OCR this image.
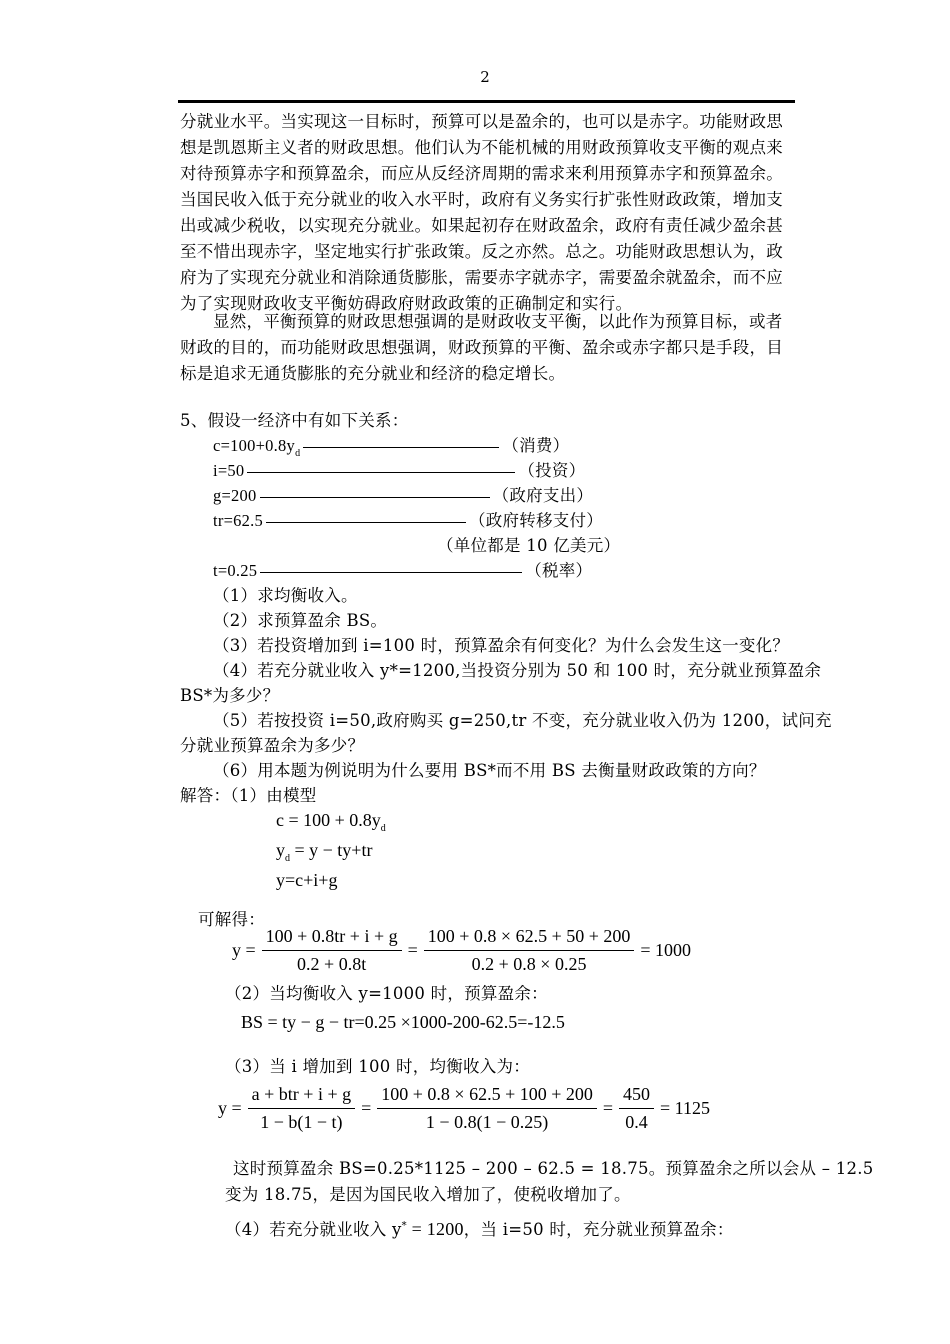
2
分就业水平。当实现这一目标时，预算可以是盈余的，也可以是赤字。功能财政思
想是凯恩斯主义者的财政思想。他们认为不能机械的用财政预算收支平衡的观点来
对待预算赤字和预算盈余，而应从反经济周期的需求来利用预算赤字和预算盈余。
当国民收入低于充分就业的收入水平时，政府有义务实行扩张性财政政策，增加支
出或减少税收，以实现充分就业。如果起初存在财政盈余，政府有责任减少盈余甚
至不惜出现赤字，坚定地实行扩张政策。反之亦然。总之。功能财政思想认为，政
府为了实现充分就业和消除通货膨胀，需要赤字就赤字，需要盈余就盈余，而不应
为了实现财政收支平衡妨碍政府财政政策的正确制定和实行。
显然，平衡预算的财政思想强调的是财政收支平衡，以此作为预算目标，或者
财政的目的，而功能财政思想强调，财政预算的平衡、盈余或赤字都只是手段，目
标是追求无通货膨胀的充分就业和经济的稳定增长。
5、假设一经济中有如下关系：
$c=100+0.8y_d$	（消费）
i=50	（投资）
g=200	（政府支出）
tr=62.5	（政府转移支付）
（单位都是 10 亿美元）
t=0.25	（税率）
（1）求均衡收入。
（2）求预算盈余 BS。
（3）若投资增加到 i=100 时，预算盈余有何变化？为什么会发生这一变化？
（4）若充分就业收入 y*=1200,当投资分别为 50 和 100 时，充分就业预算盈余
BS*为多少？
（5）若按投资 i=50,政府购买 g=250,tr 不变，充分就业收入仍为 1200，试问充
分就业预算盈余为多少？
（6）用本题为例说明为什么要用 BS*而不用 BS 去衡量财政政策的方向？
解答：（1）由模型
$c = 100 + 0.8y_d$
$y_d = y - ty+tr$
y=c+i+g
可解得：
$y = \frac{100 + 0.8tr + i + g}{0.2 + 0.8t} = \frac{100 + 0.8 \times 62.5 + 50 + 200}{0.2 + 0.8 \times 0.25} = 1000$
（2）当均衡收入 y=1000 时，预算盈余：
BS = ty − g − tr=0.25 ×1000-200-62.5=-12.5
（3）当 i 增加到 100 时，均衡收入为：
$y = \frac{\text{a + btr + i + g}}{1 - b(1 - t)} = \frac{100 + 0.8 \times 62.5 + 100 + 200}{1 - 0.8(1 - 0.25)} = \frac{450}{0.4} = 1125$
这时预算盈余 BS=0.25*1125 – 200 – 62.5 = 18.75。预算盈余之所以会从 – 12.5
变为 18.75，是因为国民收入增加了，使税收增加了。
（4）若充分就业收入 y* = 1200，当 i=50 时，充分就业预算盈余：
